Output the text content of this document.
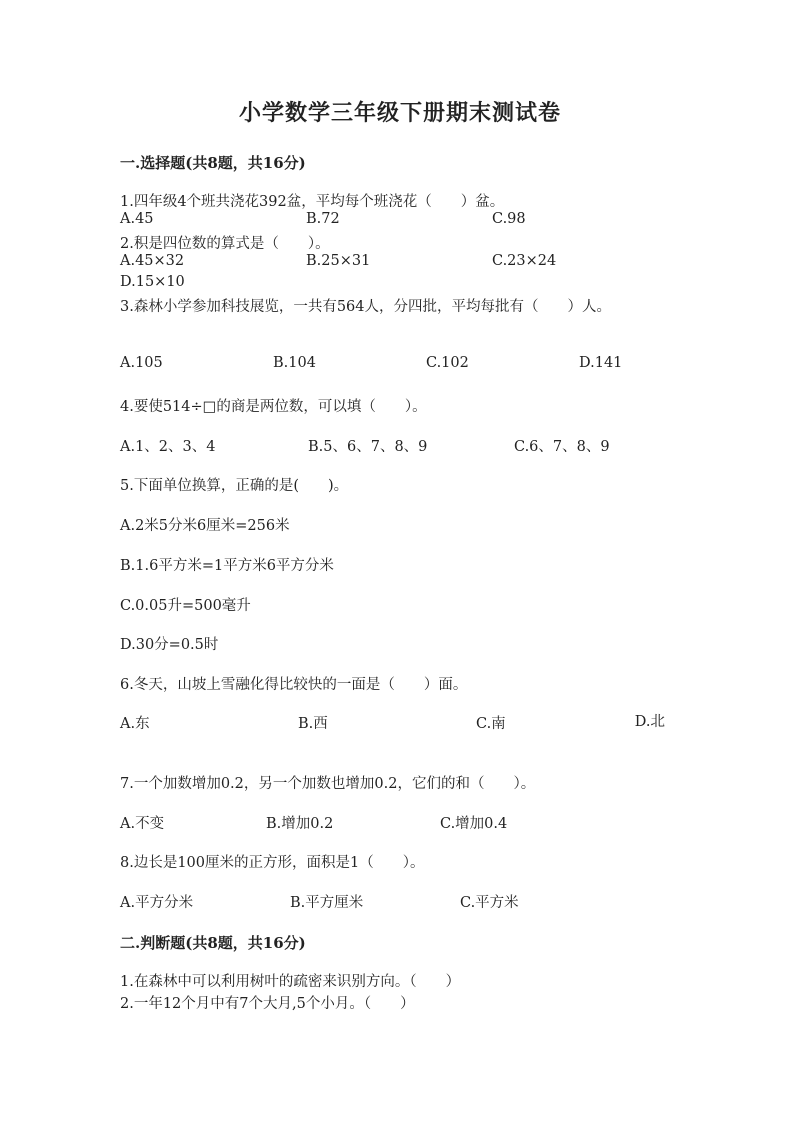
小学数学三年级下册期末测试卷
一.选择题(共8题，共16分)
1.四年级4个班共浇花392盆，平均每个班浇花（　　）盆。
A.45	B.72	C.98
2.积是四位数的算式是（　　）。
A.45×32	B.25×31	C.23×24
D.15×10
3.森林小学参加科技展览，一共有564人，分四批，平均每批有（　　）人。
A.105	B.104	C.102	D.141
4.要使514÷□的商是两位数，可以填（　　）。
A.1、2、3、4	B.5、6、7、8、9	C.6、7、8、9
5.下面单位换算，正确的是(　　)。
A.2米5分米6厘米=256米
B.1.6平方米=1平方米6平方分米
C.0.05升=500毫升
D.30分=0.5时
6.冬天，山坡上雪融化得比较快的一面是（　　）面。
A.东	B.西	C.南	D.北
7.一个加数增加0.2，另一个加数也增加0.2，它们的和（　　）。
A.不变	B.增加0.2	C.增加0.4
8.边长是100厘米的正方形，面积是1（　　）。
A.平方分米	B.平方厘米	C.平方米
二.判断题(共8题，共16分)
1.在森林中可以利用树叶的疏密来识别方向。（　　）
2.一年12个月中有7个大月,5个小月。（　　）
